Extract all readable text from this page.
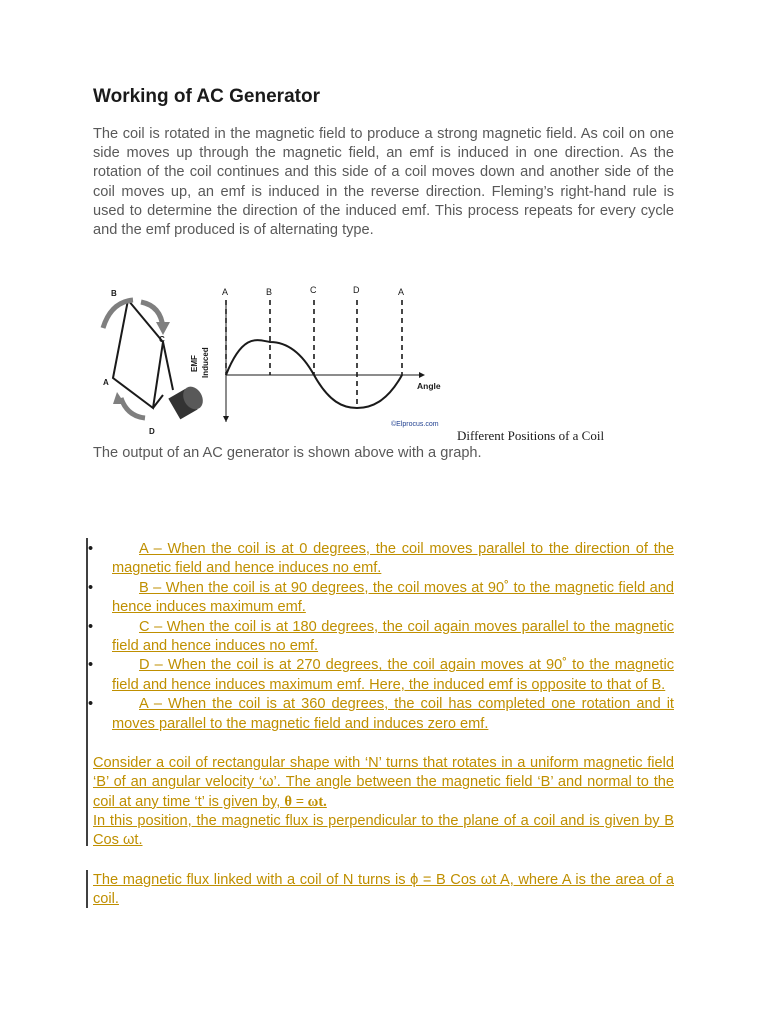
Working of AC Generator

The coil is rotated in the magnetic field to produce a strong magnetic field. As coil on one side moves up through the magnetic field, an emf is induced in one direction. As the rotation of the coil continues and this side of a coil moves down and another side of the coil moves up, an emf is induced in the reverse direction. Fleming’s right-hand rule is used to determine the direction of the induced emf. This process repeats for every cycle and the emf produced is of alternating type.

B
C
A
D
A	B	C	D	A
EMF Induced
Angle
©Elprocus.com

Different Positions of a Coil

The output of an AC generator is shown above with a graph.

•	A – When the coil is at 0 degrees, the coil moves parallel to the direction of the magnetic field and hence induces no emf.
•	B – When the coil is at 90 degrees, the coil moves at 90˚ to the magnetic field and hence induces maximum emf.
•	C – When the coil is at 180 degrees, the coil again moves parallel to the magnetic field and hence induces no emf.
•	D – When the coil is at 270 degrees, the coil again moves at 90˚ to the magnetic field and hence induces maximum emf. Here, the induced emf is opposite to that of B.
•	A – When the coil is at 360 degrees, the coil has completed one rotation and it moves parallel to the magnetic field and induces zero emf.

Consider a coil of rectangular shape with ‘N’ turns that rotates in a uniform magnetic field ‘B’ of an angular velocity ‘ω’. The angle between the magnetic field ‘B’ and normal to the coil at any time ‘t’ is given by, θ = ωt.

In this position, the magnetic flux is perpendicular to the plane of a coil and is given by B Cos ωt.

The magnetic flux linked with a coil of N turns is ϕ = B Cos ωt A, where A is the area of a coil.
